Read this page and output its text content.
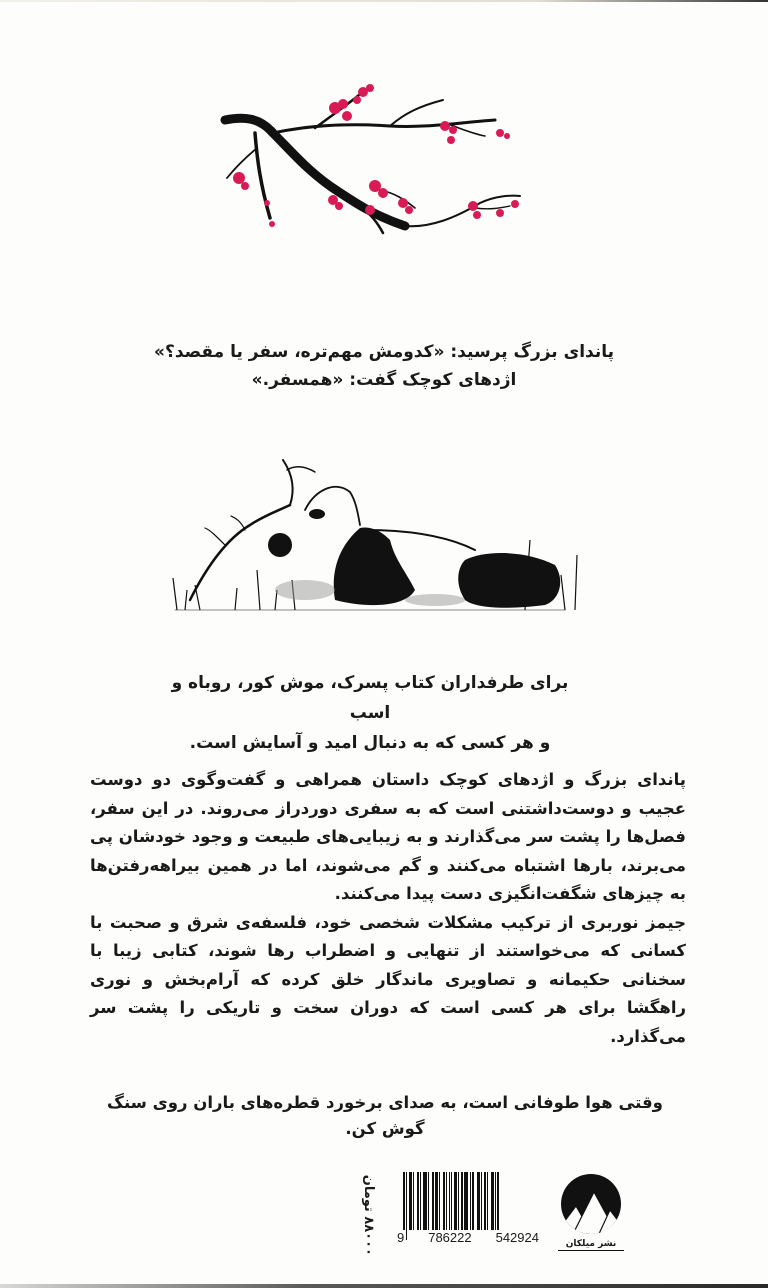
پاندای بزرگ پرسید: «کدومش مهم‌تره، سفر یا مقصد؟»

اژدهای کوچک گفت: «همسفر.»

برای طرفداران کتاب پسرک، موش کور، روباه و اسب

و هر کسی که به دنبال امید و آسایش است.

پاندای بزرگ و اژدهای کوچک داستان همراهی و گفت‌وگوی دو دوست عجیب و دوست‌داشتنی است که به سفری دوردراز می‌روند. در این سفر، فصل‌ها را پشت سر می‌گذارند و به زیبایی‌های طبیعت و وجود خودشان پی می‌برند، بارها اشتباه می‌کنند و گم می‌شوند، اما در همین بیراهه‌رفتن‌ها به چیزهای شگفت‌انگیزی دست پیدا می‌کنند.

جیمز نوربری از ترکیب مشکلات شخصی خود، فلسفه‌ی شرق و صحبت با کسانی که می‌خواستند از تنهایی و اضطراب رها شوند، کتابی زیبا با سخنانی حکیمانه و تصاویری ماندگار خلق کرده که آرام‌بخش و نوری راهگشا برای هر کسی است که دوران سخت و تاریکی را پشت سر می‌گذارد.

وقتی هوا طوفانی است، به صدای برخورد قطره‌های باران روی سنگ گوش کن.
۸۸۰۰۰ تومان 9 786222 542924	نشر میلکان
